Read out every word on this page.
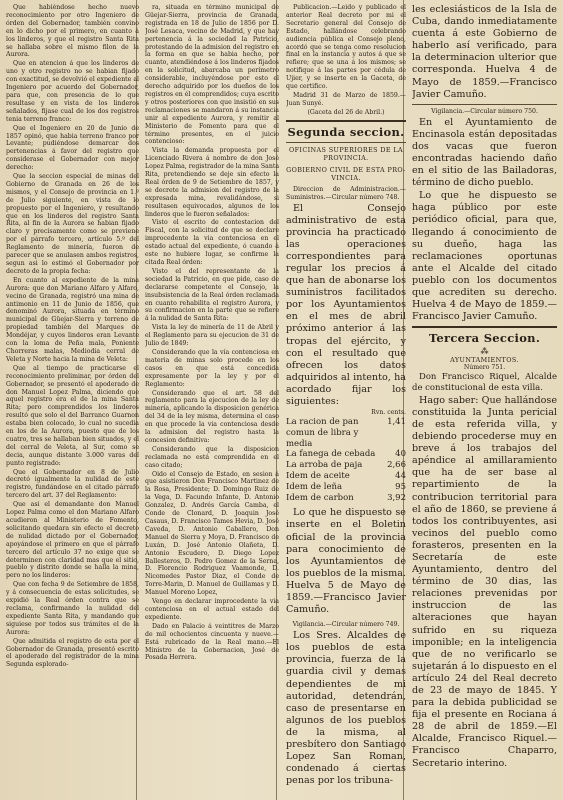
Que habiéndose hecho nuevo reconocimiento por otro Ingeniero de órden del Gobernador, también convino en lo dicho por el primero, en cuanto á los linderos, y que el registro Santa Rita se hallaba sobre el mismo filon de la Aurora.

Que en atencion á que los linderos de uno y otro registro no se habian fijado con exactitud, se devolvió el expediente al Ingeniero por acuerdo del Gobernador, para que, con presencia de lo que resultase y en vista de los linderos señalados, fijase cual de los dos registros tenia terreno franco:

Que el Ingeniero en 20 de Junio de 1857 opinó, que habia terreno franco por Levante; pudiéndose demarcar dos pertenencias á favor del registro que considerase el Gobernador con mejor derecho:

Que la seccion especial de minas del Gobierno de Granada en 26 de los mismos, y el Consejo de provincia en 1.º de Julio siguiente, en vista de lo propuesto por el Ingeniero, y resultando que en los linderos del registro Santa Rita, al fin de la Aurora se habian fijado claro y precisamente como se previene por el párrafo tercero, artículo 5.º del Reglamento de minería, fueron de parecer que se anulasen ambos registros, segun asi lo estimó el Gobernador por decreto de la propia fecha:

En cuanto al expediente de la mina Aurora: que don Mariano Alfaro y Alfaro, vecino de Granada, registró una mina de antimonio en 11 de Junio de 1856, que denominó Aurora, situada en término municipal de Güejar-Sierra y terreno de propiedad también del Marques de Mondéjar, y cuyos linderos eran Levante con la loma de Peña mala, Poniente Chorreras malas, Mediodia cerral de Veleta y Norte hacia la mina de Veleta:

Que al tiempo de practicarse el reconocimiento preliminar, por órden del Gobernador, se presentó el apoderado de don Manuel Lopez Palma, diciendo que aquel registro era el de la mina Santa Rita; pero comprendidos los linderos resultó que solo el del Barranco Guarnon estaba bien colocado, lo cual no sucedia en los de la Aurora, puesto que de los cuatro, tres se hallaban bien situados, y el del cerral de Veleta, al Sur, como se decia, aunque distante 3.000 varas del punto registrado:

Que el Gobernador en 8 de Julio decretó igualmente la nulidad de este registro, fundándose en el citado párrafo tercero del art. 37 del Reglamento:

Que asi el demandante don Manuel Lopez Palma como el don Mariano Alfaro acudieron al Ministerio de Fomento, solicitando quedara sin efecto el decreto de nulidad dictado por el Gobernador, apoyándose el primero en que el párrafo tercero del artículo 37 no exige que se determinen con claridad mas que el sitio, pueblo y distrito donde se halla la mina, pero no los linderos:

Que con fecha 9 de Setiembre de 1858, y á consecuencia de estas solicitudes, se expidió la Real órden contra que se reclama, confirmando la nulidad del expediente Santa Rita, y mandando que siguiese por todos sus trámites el de la Aurora:

Que admitida el registro de esta por el Gobernador de Granada, presentó escrito el apoderado del registrador de la mina Segunda esplorado-

ra, situada en término municipal de Güejar-Sierra, provincia de Granada, registrada en 18 de Julio de 1856 por D. José Lesaca, vecino de Madrid, y que hay pertenencia á la sociedad la Patricio, protestando de la admision del registro en la forma en que se habia hecho, por cuanto, atendiéndose á los linderos fijados en la solicitud, abarcaba un perímetro considerable, incluyéndose por esto el derecho adquirido por los dueños de los registros en él comprendidos; cuya escrito y otros posteriores con que insistió en sus reclamaciones se mandaron á su instancia unir al expediente Aurora, y remitir al Ministerio de Fomento para que el término presentes, en el juicio contencioso:

Vista la demanda propuesta por el Licenciado Rivera á nombre de don José Lopez Palma, registrador de la mina Santa Rita, pretendiendo se deje sin efecto la Real órden de 9 de Setiembre de 1857, y se decrete la admision del registro de la expresada mina, revalidándose, si resultasen equivocados, algunos de los linderos que le fueron señalados:

Visto el escrito de contestacion del Fiscal, con la solicitud de que se declare improcedente la via contenciosa en el estado actual del expediente, ó cuando á este no hubiere lugar, se confirme la citada Real órden:

Visto el del representante de la sociedad la Patricio, en que pide, caso de declararse competente el Consejo, la insubsistencia de la Real órden reclamada en cuanto rehabilita el registro Aurora, y su confirmacion en la parte que se refiere á la nulidad de Santa Rita:

Vista la ley de minería de 11 de Abril y el Reglamento para su ejecucion de 31 de Julio de 1849:

Considerando que la vía contenciosa en materia de minas solo procede en los casos en que está concedida expresamente por la ley y por el Reglamento:

Considerando que el art. 58 del reglamento para la ejecucion de la ley de minería, aplicando la disposicion genérica del 34 de la ley misma, determina el caso en que procede la via contenciosa desde la admision del registro hasta la concesion definitiva:

Considerando que la disposicion reclamada no está comprendida en el caso citado;

Oido el Consejo de Estado, en sesion á que asistieron Don Francisco Martinez de la Rosa, Presidente; D. Domingo Ruiz de la Vega, D. Facundo Infante, D. Antonio Gonzalez, D. Andrés García Camba, el Conde de Clonard, D. Joaquin José Casaus, D. Francisco Tames Hevia, D. José Caveda, D. Antonio Caballero, Don Manuel de Sierra y Moya, D. Francisco de Luxán, D. José Antonio Olañeta, D. Antonio Escudero, D. Diego Lopez Ballesteros, D. Pedro Gomez de la Serna, D. Florencio Rodriguez Vaamonde, D. Nicomedes Pastor Diaz, el Conde de Torre-Marin, D. Manuel de Guillamas y D. Manuel Moreno Lopez,

Vengo en declarar improcedente la via contenciosa en el actual estado del expediente.

Dado en Palacio á veintitres de Marzo de mil ochocientos cincuenta y nueve.—Está rubricado de la Real mano.—El Ministro de la Gobernacion, José de Posada Herrera.

Publicacion.—Leido y publicado el anterior Real decreto por mi el Secretario general del Consejo de Estado, hallándose celebrando audiencia pública el Consejo pleno, acordó que se tenga como resolucion final en la instancia y autos á que se refiere; que se una á los mismos; se notifique á las partes por cédula de Ujier, y se inserte en la Gaceta, de que certifico.

Madrid 31 de Marzo de 1859.— Juan Sunyé.

(Gaceta del 26 de Abril.)

Segunda seccion.
OFICINAS SUPERIORES DE LA
PROVINCIA.
GOBIERNO CIVIL DE ESTA PRO-
VINCIA.

Direccion de Administracion.—Suministros.—Circular número 748.

El Consejo administrativo de esta provincia ha practicado las operaciones correspondientes para regular los precios á que han de abonarse los suministros facilitados por los Ayuntamientos en el mes de abril próximo anterior á las tropas del ejército, y con el resultado que ofrecen los datos adquiridos al intento, ha acordado fijar los siguientes:

Rvn. cents.
La racion de pan comun de libra y media
1,41
La fanega de cebada	40
La arroba de paja	2,66
Idem de aceite	44
Idem de leña	95
Idem de carbon	3,92

Lo que he dispuesto se inserte en el Boletin oficial de la provincia para conocimiento de los Ayuntamientos de los pueblos de la misma. Huelva 5 de Mayo de 1859.—Francisco Javier Camuño.

Vigilancia.—Circular número 749.

Los Sres. Alcaldes de los pueblos de esta provincia, fuerza de la guardia civil y demas dependientes de mi autoridad, detendrán, caso de presentarse en algunos de los pueblos de la misma, al presbítero don Santiago Lopez San Roman, condenado á ciertas penas por los tribuna-

les eclesiásticos de la Isla de Cuba, dando inmediatamente cuenta á este Gobierno de haberlo así verificado, para la determinacion ulterior que corresponda. Huelva 4 de Mayo de 1859.—Francisco Javier Camuño.

Vigilancia.—Circular número 750.

En el Ayuntamiento de Encinasola están depositadas dos vacas que fueron encontradas haciendo daño en el sitio de las Bailadoras, término de dicho pueblo.

Lo que he dispuesto se haga público por este periódico oficial, para que, llegando á conocimiento de su dueño, haga las reclamaciones oportunas ante el Alcalde del citado pueblo con los documentos que acrediten su derecho. Huelva 4 de Mayo de 1859.—Francisco Javier Camuño.

Tercera Seccion.
⁂
AYUNTAMIENTOS.
Número 751.

Don Francisco Riquel, Alcalde de constitucional de esta villa.

Hago saber: Que hallándose constituida la Junta pericial de esta referida villa, y debiendo procederse muy en breve á los trabajos del apéndice al amillaramiento que ha de ser base al repartimiento de la contribucion territorial para el año de 1860, se previene á todos los contribuyentes, asi vecinos del pueblo como forasteros, presenten en la Secretaría de este Ayuntamiento, dentro del término de 30 dias, las relaciones prevenidas por instruccion de las alteraciones que hayan sufrido en su riqueza imponible; en la inteligencia que de no verificarlo se sujetarán á lo dispuesto en el artículo 24 del Real decreto de 23 de mayo de 1845. Y para la debida publicidad se fija el presente en Rociana á 28 de abril de 1859.—El Alcalde, Francisco Riquel.—Francisco Chaparro, Secretario interino.
